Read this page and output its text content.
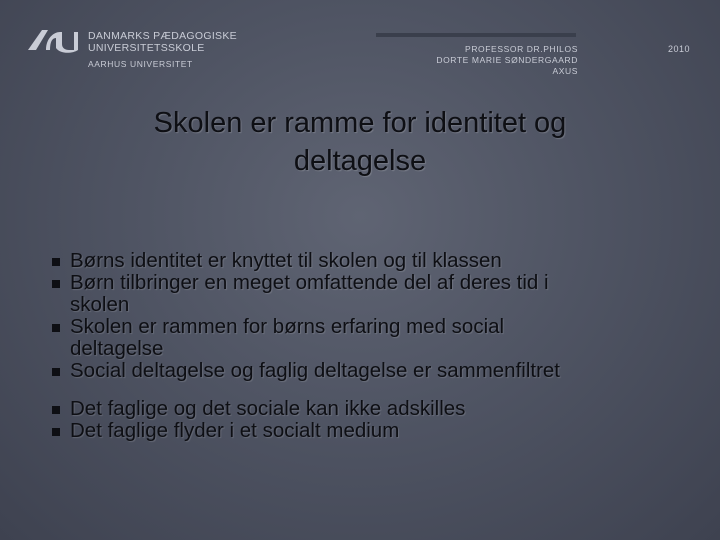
DANMARKS PÆDAGOGISKE
UNIVERSITETSSKOLE
AARHUS UNIVERSITET
PROFESSOR DR.PHILOS
DORTE MARIE SØNDERGAARD
AXUS
2010
Skolen er ramme for identitet og
deltagelse
Børns identitet er knyttet til skolen og til klassen
Børn tilbringer en meget omfattende del af deres tid i
skolen
Skolen er rammen for børns erfaring med social
deltagelse
Social deltagelse og faglig deltagelse er sammenfiltret
Det faglige og det sociale kan ikke adskilles
Det faglige flyder i et socialt medium
